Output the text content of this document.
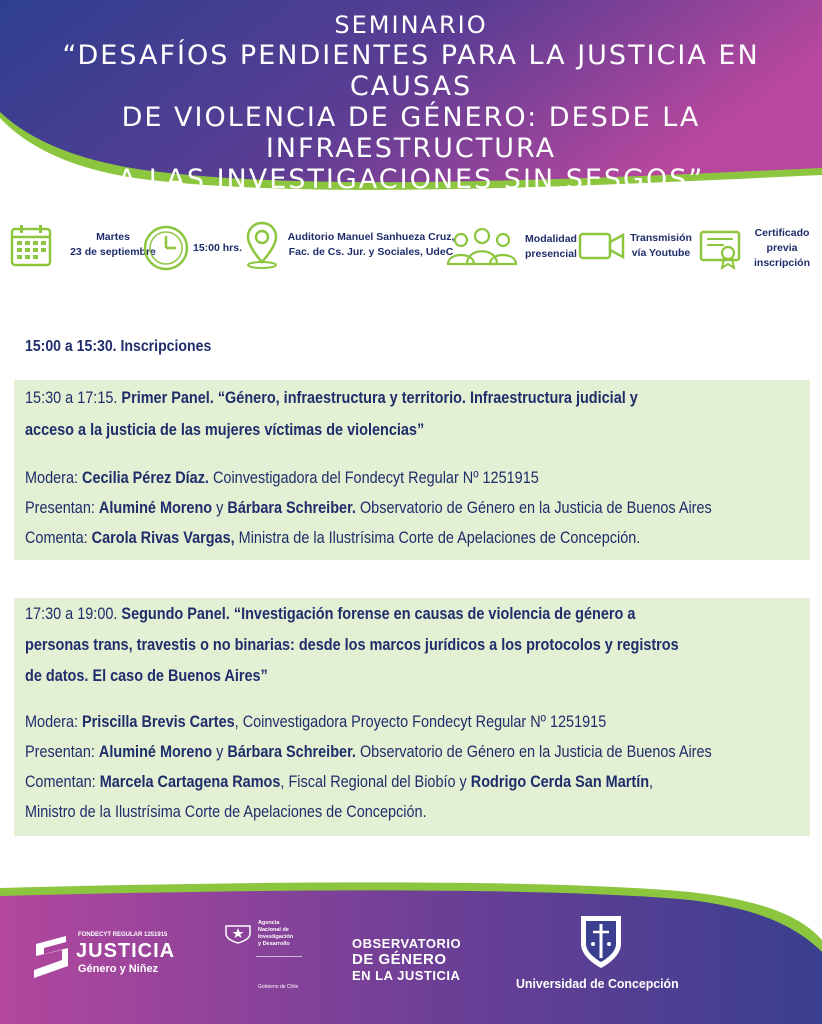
SEMINARIO
“DESAFÍOS PENDIENTES PARA LA JUSTICIA EN CAUSAS
DE VIOLENCIA DE GÉNERO: DESDE LA INFRAESTRUCTURA
A LAS INVESTIGACIONES SIN SESGOS”
Martes
23 de septiembre	15:00 hrs.
Auditorio Manuel Sanhueza Cruz,
Fac. de Cs. Jur. y Sociales, UdeC
Modalidad
presencial
Transmisión
vía Youtube
Certificado
previa inscripción
15:00 a 15:30. Inscripciones
15:30 a 17:15. Primer Panel. “Género, infraestructura y territorio. Infraestructura judicial y
acceso a la justicia de las mujeres víctimas de violencias”
Modera: Cecilia Pérez Díaz. Coinvestigadora del Fondecyt Regular Nº 1251915
Presentan: Aluminé Moreno y Bárbara Schreiber. Observatorio de Género en la Justicia de Buenos Aires
Comenta: Carola Rivas Vargas, Ministra de la Ilustrísima Corte de Apelaciones de Concepción.
17:30 a 19:00. Segundo Panel. “Investigación forense en causas de violencia de género a
personas trans, travestis o no binarias: desde los marcos jurídicos a los protocolos y registros
de datos. El caso de Buenos Aires”
Modera: Priscilla Brevis Cartes, Coinvestigadora Proyecto Fondecyt Regular Nº 1251915
Presentan: Aluminé Moreno y Bárbara Schreiber. Observatorio de Género en la Justicia de Buenos Aires
Comentan: Marcela Cartagena Ramos, Fiscal Regional del Biobío y Rodrigo Cerda San Martín,
Ministro de la Ilustrísima Corte de Apelaciones de Concepción.
FONDECYT REGULAR 1251915
JUSTICIA
Género y Niñez
Agencia
Nacional de
Investigación
y Desarrollo
Gobierno de Chile
OBSERVATORIO
DE GÉNERO
EN LA JUSTICIA
Universidad de Concepción
